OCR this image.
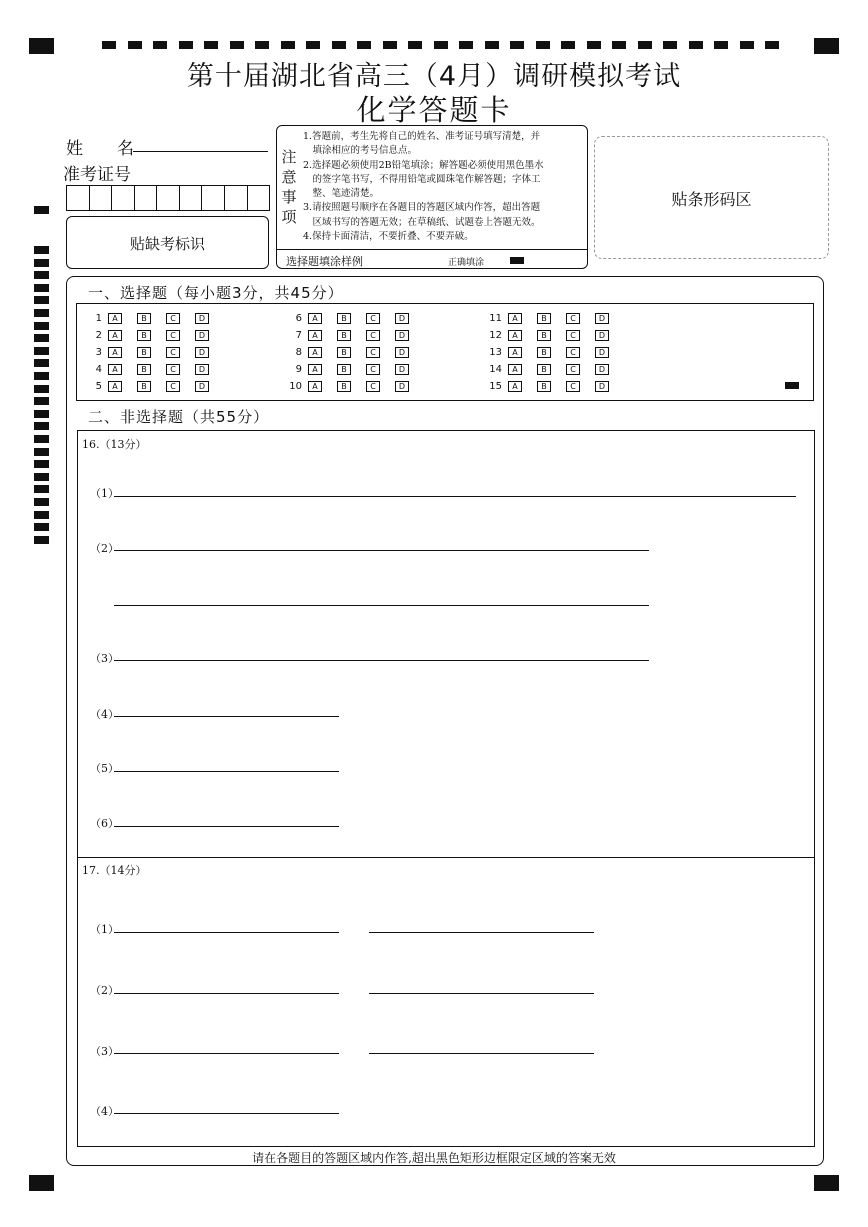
第十届湖北省高三（4月）调研模拟考试
化学答题卡
姓　　名
准考证号
贴缺考标识
注意事项
1.答题前，考生先将自己的姓名、准考证号填写清楚，并
　填涂相应的考号信息点。
2.选择题必须使用2B铅笔填涂；解答题必须使用黑色墨水
　的签字笔书写，不得用铅笔或圆珠笔作解答题；字体工
　整、笔迹清楚。
3.请按照题号顺序在各题目的答题区域内作答，超出答题
　区域书写的答题无效；在草稿纸、试题卷上答题无效。
4.保持卡面清洁，不要折叠、不要弄破。
选择题填涂样例	正确填涂
贴条形码区
一、选择题（每小题3分，共45分）
1	A	B	C	D
2	A	B	C	D
3	A	B	C	D
4	A	B	C	D
5	A	B	C	D
6	A	B	C	D
7	A	B	C	D
8	A	B	C	D
9	A	B	C	D
10	A	B	C	D
11	A	B	C	D
12	A	B	C	D
13	A	B	C	D
14	A	B	C	D
15	A	B	C	D
二、非选择题（共55分）
16.（13分）
（1）
（2）
（3）
（4）
（5）
（6）
17.（14分）
（1）
（2）
（3）
（4）
请在各题目的答题区域内作答,超出黑色矩形边框限定区域的答案无效
